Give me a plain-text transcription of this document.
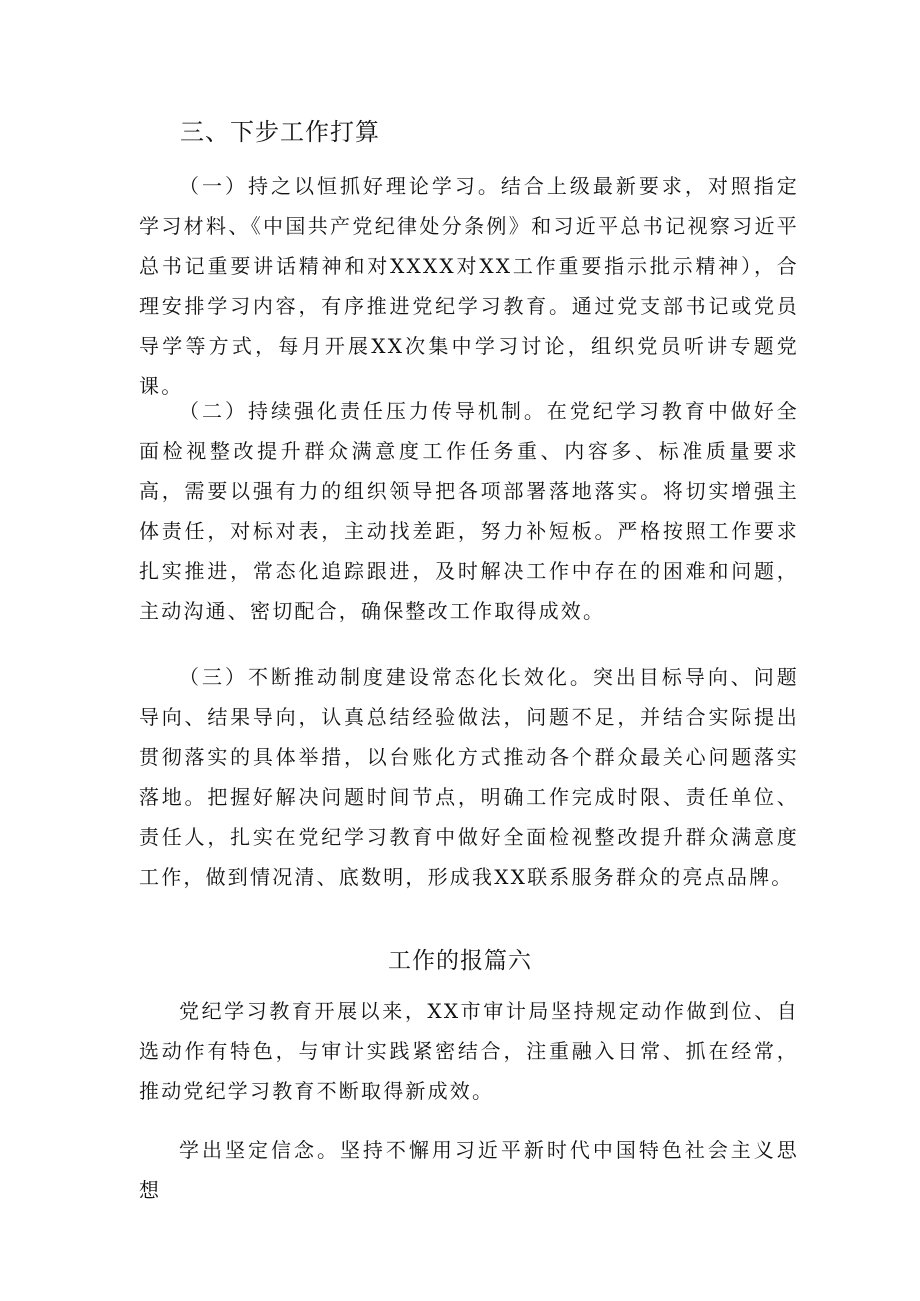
三、下步工作打算

（一）持之以恒抓好理论学习。结合上级最新要求，对照指定学习材料、《中国共产党纪律处分条例》和习近平总书记视察习近平总书记重要讲话精神和对XXXX对XX工作重要指示批示精神），合理安排学习内容，有序推进党纪学习教育。通过党支部书记或党员导学等方式，每月开展XX次集中学习讨论，组织党员听讲专题党课。

（二）持续强化责任压力传导机制。在党纪学习教育中做好全面检视整改提升群众满意度工作任务重、内容多、标准质量要求高，需要以强有力的组织领导把各项部署落地落实。将切实增强主体责任，对标对表，主动找差距，努力补短板。严格按照工作要求扎实推进，常态化追踪跟进，及时解决工作中存在的困难和问题，主动沟通、密切配合，确保整改工作取得成效。

（三）不断推动制度建设常态化长效化。突出目标导向、问题导向、结果导向，认真总结经验做法，问题不足，并结合实际提出贯彻落实的具体举措，以台账化方式推动各个群众最关心问题落实落地。把握好解决问题时间节点，明确工作完成时限、责任单位、责任人，扎实在党纪学习教育中做好全面检视整改提升群众满意度工作，做到情况清、底数明，形成我XX联系服务群众的亮点品牌。

工作的报篇六

党纪学习教育开展以来，XX市审计局坚持规定动作做到位、自选动作有特色，与审计实践紧密结合，注重融入日常、抓在经常，推动党纪学习教育不断取得新成效。

学出坚定信念。坚持不懈用习近平新时代中国特色社会主义思想
